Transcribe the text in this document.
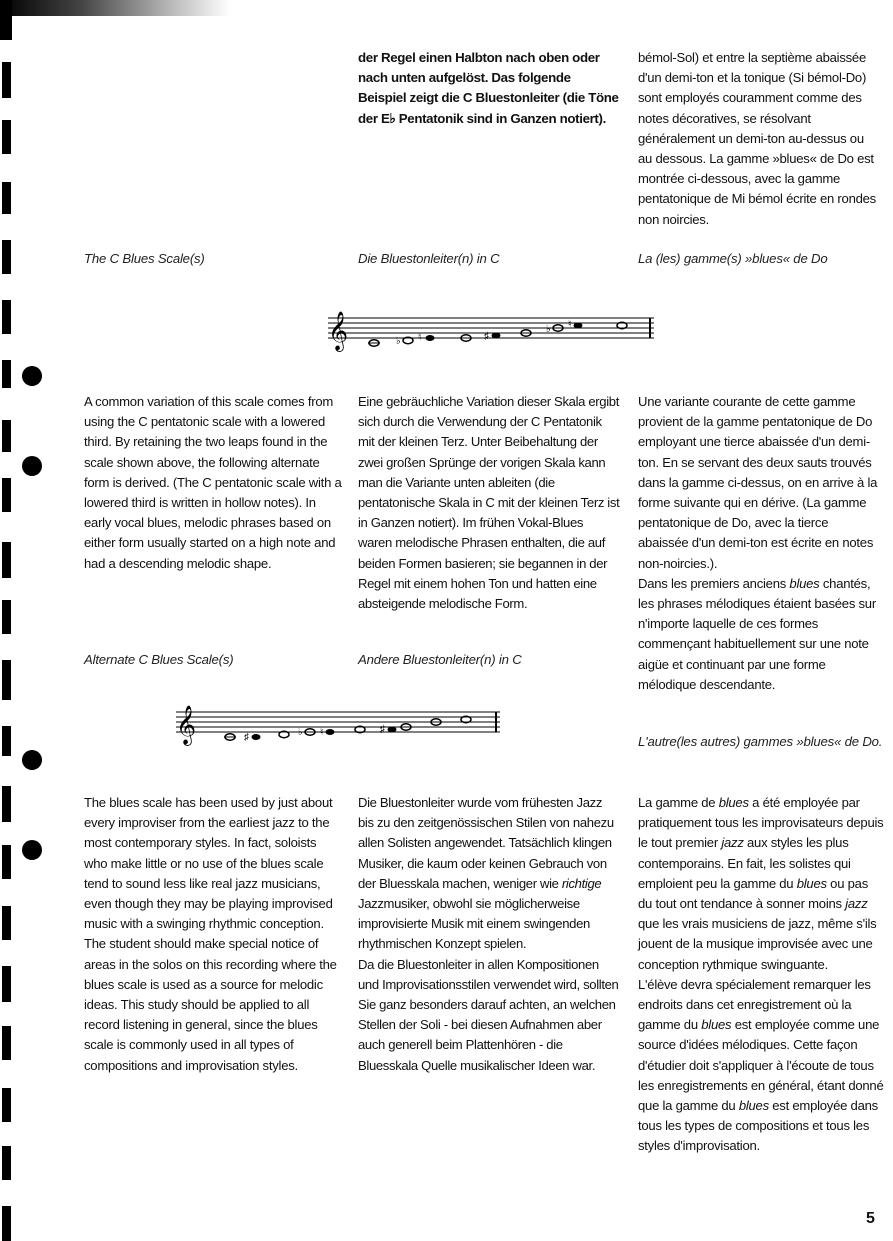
der Regel einen Halbton nach oben oder nach unten aufgelöst. Das folgende Beispiel zeigt die C Bluestonleiter (die Töne der E♭ Pentatonik sind in Ganzen notiert).

bémol-Sol) et entre la septième abaissée d'un demi-ton et la tonique (Si bémol-Do) sont employés couramment comme des notes décoratives, se résolvant généralement un demi-ton au-dessus ou au dessous. La gamme »blues« de Do est montrée ci-dessous, avec la gamme pentatonique de Mi bémol écrite en rondes non noircies.

The C Blues Scale(s)	Die Bluestonleiter(n) in C	La (les) gamme(s) »blues« de Do
𝄞	♭ ♮	♯
♭ ♮

A common variation of this scale comes from using the C pentatonic scale with a lowered third. By retaining the two leaps found in the scale shown above, the following alternate form is derived. (The C pentatonic scale with a lowered third is written in hollow notes). In early vocal blues, melodic phrases based on either form usually started on a high note and had a descending melodic shape.

Eine gebräuchliche Variation dieser Skala ergibt sich durch die Verwendung der C Pentatonik mit der kleinen Terz. Unter Beibehaltung der zwei großen Sprünge der vorigen Skala kann man die Variante unten ableiten (die pentatonische Skala in C mit der kleinen Terz ist in Ganzen notiert). Im frühen Vokal-Blues waren melodische Phrasen enthalten, die auf beiden Formen basieren; sie begannen in der Regel mit einem hohen Ton und hatten eine absteigende melodische Form.

Une variante courante de cette gamme provient de la gamme pentatonique de Do employant une tierce abaissée d'un demi-ton. En se servant des deux sauts trouvés dans la gamme ci-dessus, on en arrive à la forme suivante qui en dérive. (La gamme pentatonique de Do, avec la tierce abaissée d'un demi-ton est écrite en notes non-noircies.).

Dans les premiers anciens blues chantés, les phrases mélodiques étaient basées sur n'importe laquelle de ces formes commençant habituellement sur une note aigüe et continuant par une forme mélodique descendante.

Alternate C Blues Scale(s)	Andere Bluestonleiter(n) in C
L'autre(les autres) gammes »blues« de Do.
𝄞	♯	♭ ♮	♯

The blues scale has been used by just about every improviser from the earliest jazz to the most contemporary styles. In fact, soloists who make little or no use of the blues scale tend to sound less like real jazz musicians, even though they may be playing improvised music with a swinging rhythmic conception. The student should make special notice of areas in the solos on this recording where the blues scale is used as a source for melodic ideas. This study should be applied to all record listening in general, since the blues scale is commonly used in all types of compositions and improvisation styles.

Die Bluestonleiter wurde vom frühesten Jazz bis zu den zeitgenössischen Stilen von nahezu allen Solisten angewendet. Tatsächlich klingen Musiker, die kaum oder keinen Gebrauch von der Bluesskala machen, weniger wie richtige Jazzmusiker, obwohl sie möglicherweise improvisierte Musik mit einem swingenden rhythmischen Konzept spielen.

Da die Bluestonleiter in allen Kompositionen und Improvisationsstilen verwendet wird, sollten Sie ganz besonders darauf achten, an welchen Stellen der Soli - bei diesen Aufnahmen aber auch generell beim Plattenhören - die Bluesskala Quelle musikalischer Ideen war.

La gamme de blues a été employée par pratiquement tous les improvisateurs depuis le tout premier jazz aux styles les plus contemporains. En fait, les solistes qui emploient peu la gamme du blues ou pas du tout ont tendance à sonner moins jazz que les vrais musiciens de jazz, même s'ils jouent de la musique improvisée avec une conception rythmique swinguante.

L'élève devra spécialement remarquer les endroits dans cet enregistrement où la gamme du blues est employée comme une source d'idées mélodiques. Cette façon d'étudier doit s'appliquer à l'écoute de tous les enregistrements en général, étant donné que la gamme du blues est employée dans tous les types de compositions et tous les styles d'improvisation.

5
